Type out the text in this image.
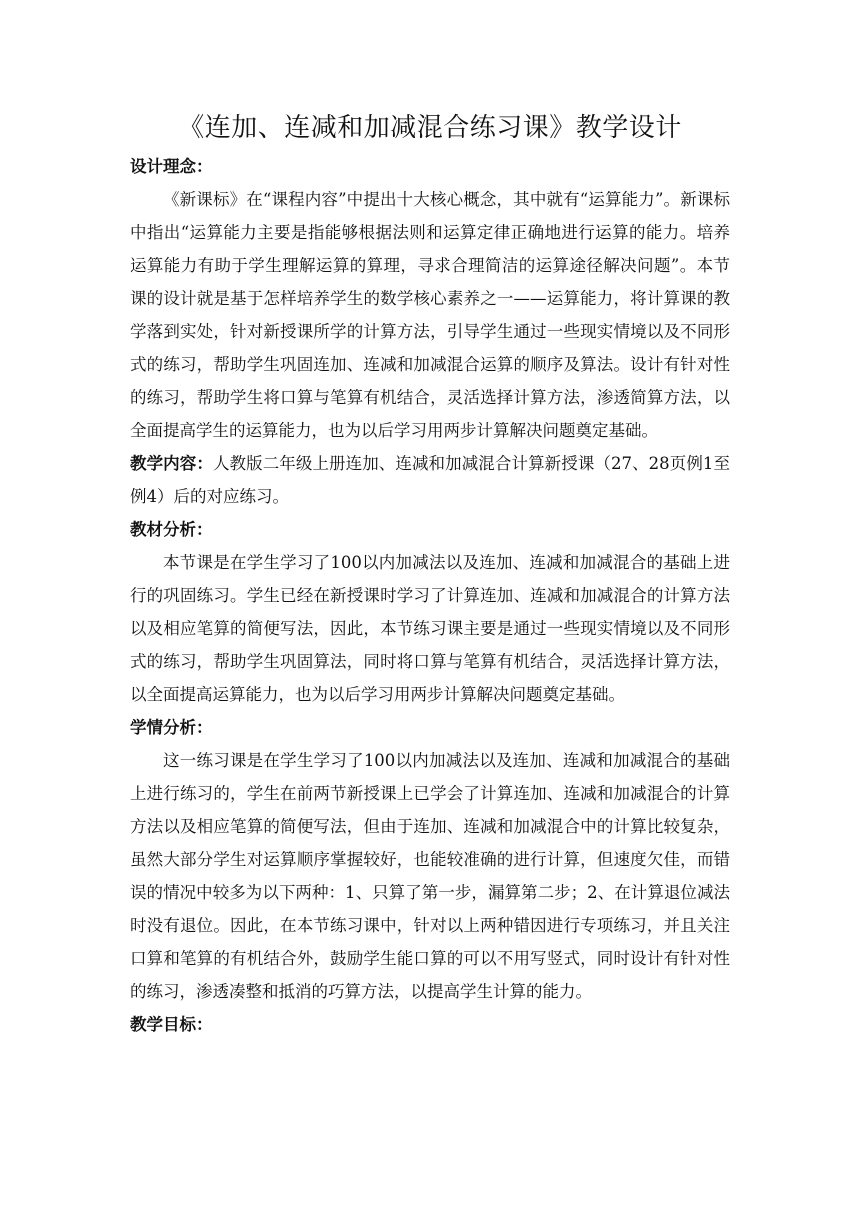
《连加、连减和加减混合练习课》教学设计
设计理念：

《新课标》在“课程内容”中提出十大核心概念，其中就有“运算能力”。新课标中指出“运算能力主要是指能够根据法则和运算定律正确地进行运算的能力。培养运算能力有助于学生理解运算的算理，寻求合理简洁的运算途径解决问题”。本节课的设计就是基于怎样培养学生的数学核心素养之一——运算能力，将计算课的教学落到实处，针对新授课所学的计算方法，引导学生通过一些现实情境以及不同形式的练习，帮助学生巩固连加、连减和加减混合运算的顺序及算法。设计有针对性的练习，帮助学生将口算与笔算有机结合，灵活选择计算方法，渗透简算方法，以全面提高学生的运算能力，也为以后学习用两步计算解决问题奠定基础。

教学内容：人教版二年级上册连加、连减和加减混合计算新授课（27、28页例1至例4）后的对应练习。

教材分析：

本节课是在学生学习了100以内加减法以及连加、连减和加减混合的基础上进行的巩固练习。学生已经在新授课时学习了计算连加、连减和加减混合的计算方法以及相应笔算的简便写法，因此，本节练习课主要是通过一些现实情境以及不同形式的练习，帮助学生巩固算法，同时将口算与笔算有机结合，灵活选择计算方法，以全面提高运算能力，也为以后学习用两步计算解决问题奠定基础。

学情分析：

这一练习课是在学生学习了100以内加减法以及连加、连减和加减混合的基础上进行练习的，学生在前两节新授课上已学会了计算连加、连减和加减混合的计算方法以及相应笔算的简便写法，但由于连加、连减和加减混合中的计算比较复杂，虽然大部分学生对运算顺序掌握较好，也能较准确的进行计算，但速度欠佳，而错误的情况中较多为以下两种：1、只算了第一步，漏算第二步；2、在计算退位减法时没有退位。因此，在本节练习课中，针对以上两种错因进行专项练习，并且关注口算和笔算的有机结合外，鼓励学生能口算的可以不用写竖式，同时设计有针对性的练习，渗透凑整和抵消的巧算方法，以提高学生计算的能力。

教学目标：
